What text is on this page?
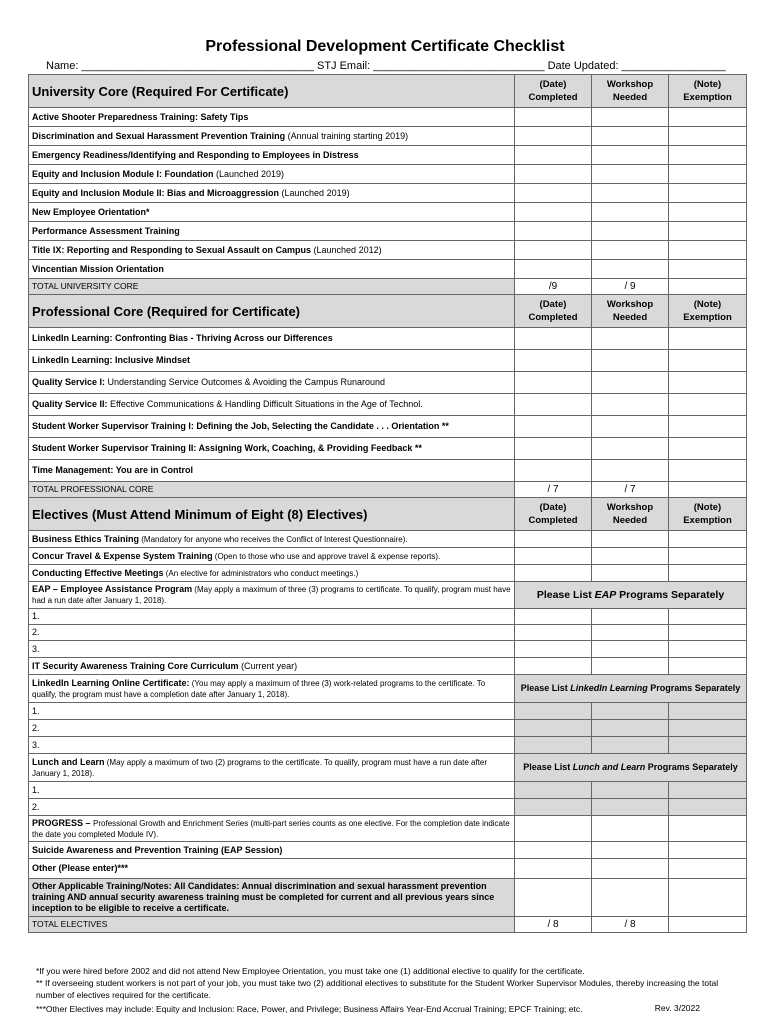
Professional Development Certificate Checklist
Name: ______________________________________ STJ Email: ____________________________ Date Updated: _________________
University Core (Required For Certificate)	(Date) Completed	Workshop Needed	(Note) Exemption
Active Shooter Preparedness Training: Safety Tips			
Discrimination and Sexual Harassment Prevention Training (Annual training starting 2019)			
Emergency Readiness/Identifying and Responding to Employees in Distress			
Equity and Inclusion Module I: Foundation (Launched 2019)			
Equity and Inclusion Module II: Bias and Microaggression (Launched 2019)			
New Employee Orientation*			
Performance Assessment Training			
Title IX: Reporting and Responding to Sexual Assault on Campus (Launched 2012)			
Vincentian Mission Orientation			
TOTAL UNIVERSITY CORE	/9	/ 9	
Professional Core (Required for Certificate)	(Date) Completed	Workshop Needed	(Note) Exemption
LinkedIn Learning: Confronting Bias - Thriving Across our Differences			
LinkedIn Learning: Inclusive Mindset			
Quality Service I: Understanding Service Outcomes & Avoiding the Campus Runaround			
Quality Service II: Effective Communications & Handling Difficult Situations in the Age of Technol.			
Student Worker Supervisor Training I: Defining the Job, Selecting the Candidate . . . Orientation **			
Student Worker Supervisor Training II: Assigning Work, Coaching, & Providing Feedback **			
Time Management: You are in Control			
TOTAL PROFESSIONAL CORE	/ 7	/ 7	
Electives (Must Attend Minimum of Eight (8) Electives)	(Date) Completed	Workshop Needed	(Note) Exemption
Business Ethics Training (Mandatory for anyone who receives the Conflict of Interest Questionnaire).			
Concur Travel & Expense System Training (Open to those who use and approve travel & expense reports).			
Conducting Effective Meetings (An elective for administrators who conduct meetings.)			
EAP – Employee Assistance Program (May apply a maximum of three (3) programs to certificate. To qualify, program must have had a run date after January 1, 2018).	Please List EAP Programs Separately		
1.			
2.			
3.			
IT Security Awareness Training Core Curriculum (Current year)			
LinkedIn Learning Online Certificate: (You may apply a maximum of three (3) work-related programs to the certificate. To qualify, the program must have a completion date after January 1, 2018).	Please List LinkedIn Learning Programs Separately		
1.			
2.			
3.			
Lunch and Learn (May apply a maximum of two (2) programs to the certificate. To qualify, program must have a run date after January 1, 2018).	Please List Lunch and Learn Programs Separately		
1.			
2.			
PROGRESS – Professional Growth and Enrichment Series (multi-part series counts as one elective. For the completion date indicate the date you completed Module IV).			
Suicide Awareness and Prevention Training (EAP Session)			
Other (Please enter)***			
Other Applicable Training/Notes: All Candidates: Annual discrimination and sexual harassment prevention training AND annual security awareness training must be completed for current and all previous years since inception to be eligible to receive a certificate.			
TOTAL ELECTIVES	/ 8	/ 8	
*If you were hired before 2002 and did not attend New Employee Orientation, you must take one (1) additional elective to qualify for the certificate.
** If overseeing student workers is not part of your job, you must take two (2) additional electives to substitute for the Student Worker Supervisor Modules, thereby increasing the total number of electives required for the certificate.
***Other Electives may include: Equity and Inclusion: Race, Power, and Privilege; Business Affairs Year-End Accrual Training; EPCF Training; etc.	Rev. 3/2022
